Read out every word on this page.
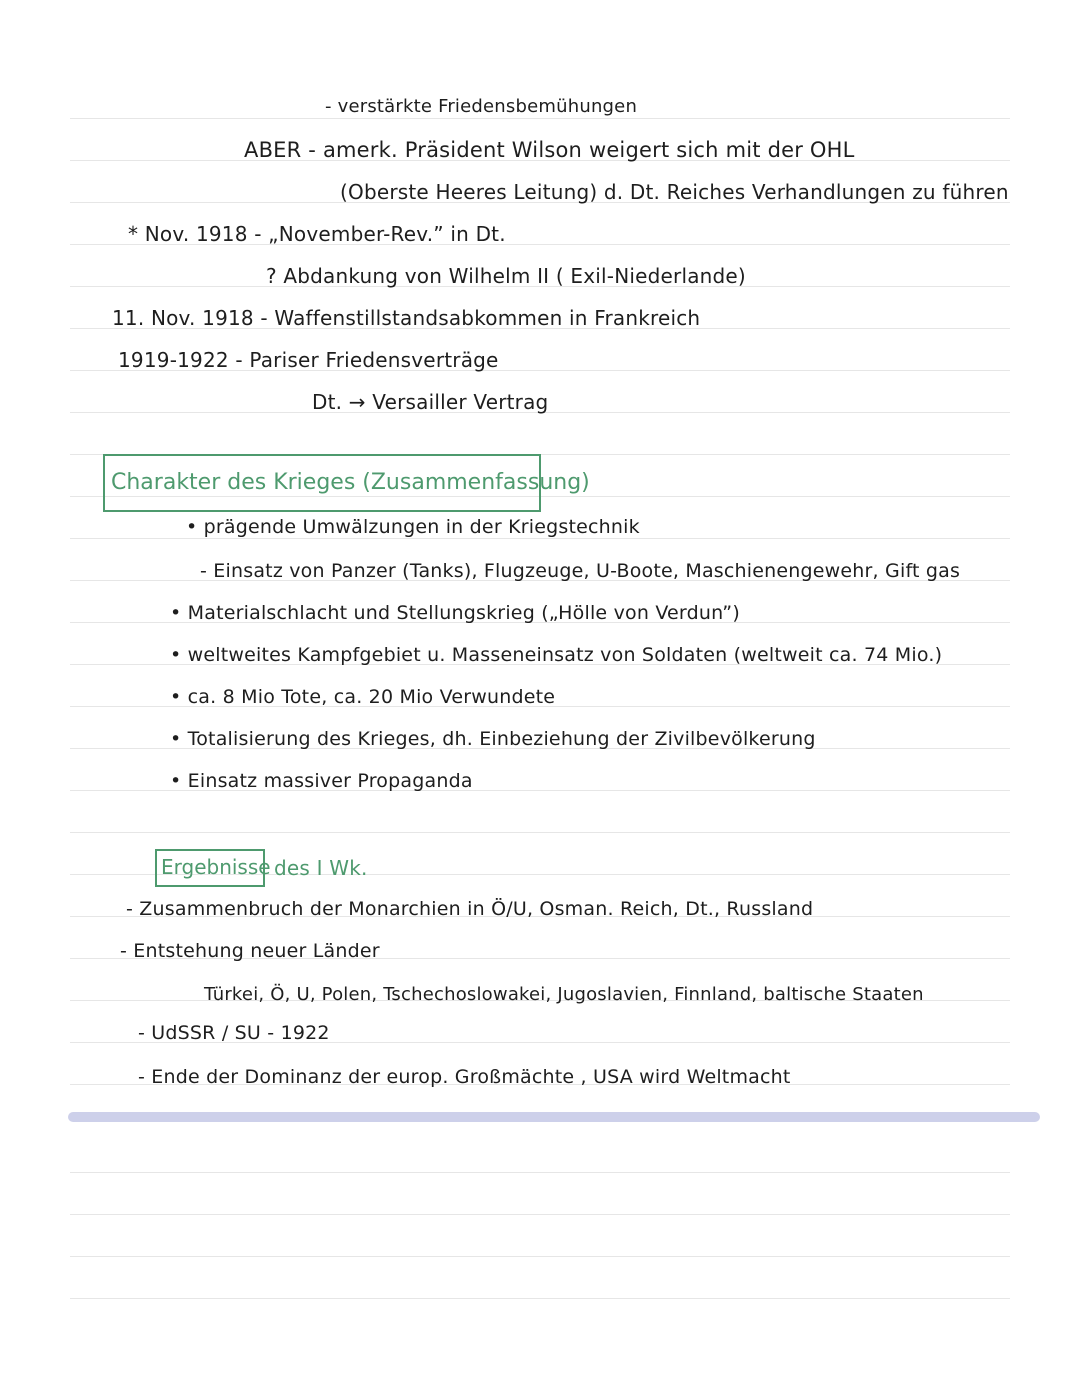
- verstärkte Friedensbemühungen
ABER - amerk. Präsident Wilson weigert sich mit der OHL
(Oberste Heeres Leitung) d. Dt. Reiches Verhandlungen zu führen
* Nov. 1918 - „November-Rev.” in Dt.
? Abdankung von Wilhelm II ( Exil-Niederlande)
11. Nov. 1918 - Waffenstillstandsabkommen in Frankreich
1919-1922 - Pariser Friedensverträge
Dt. → Versailler Vertrag
Charakter des Krieges (Zusammenfassung)
• prägende Umwälzungen in der Kriegstechnik
- Einsatz von Panzer (Tanks), Flugzeuge, U-Boote, Maschienengewehr, Gift gas
• Materialschlacht und Stellungskrieg („Hölle von Verdun”)
• weltweites Kampfgebiet u. Masseneinsatz von Soldaten (weltweit ca. 74 Mio.)
• ca. 8 Mio Tote, ca. 20 Mio Verwundete
• Totalisierung des Krieges, dh. Einbeziehung der Zivilbevölkerung
• Einsatz massiver Propaganda
Ergebnisse des I Wk.
- Zusammenbruch der Monarchien in Ö/U, Osman. Reich, Dt., Russland
- Entstehung neuer Länder
Türkei, Ö, U, Polen, Tschechoslowakei, Jugoslavien, Finnland, baltische Staaten
- UdSSR / SU - 1922
- Ende der Dominanz der europ. Großmächte , USA wird Weltmacht
